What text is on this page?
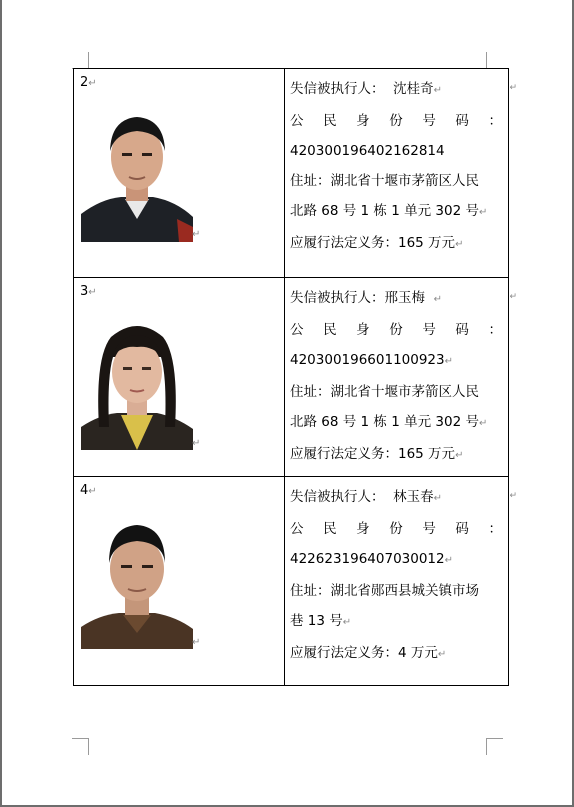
2↵
↵
↵
失信被执行人： 沈桂奇↵
公 民 身 份 号 码 ：
420300196402162814
住址：湖北省十堰市茅箭区人民
北路 68 号 1 栋 1 单元 302 号↵
应履行法定义务：165 万元↵
3↵
↵
↵
失信被执行人：邢玉梅 ↵
公 民 身 份 号 码 ：
420300196601100923↵
住址：湖北省十堰市茅箭区人民
北路 68 号 1 栋 1 单元 302 号↵
应履行法定义务：165 万元↵
4↵
↵
↵
失信被执行人： 林玉春↵
公 民 身 份 号 码 ：
422623196407030012↵
住址：湖北省郧西县城关镇市场
巷 13 号↵
应履行法定义务：4 万元↵
